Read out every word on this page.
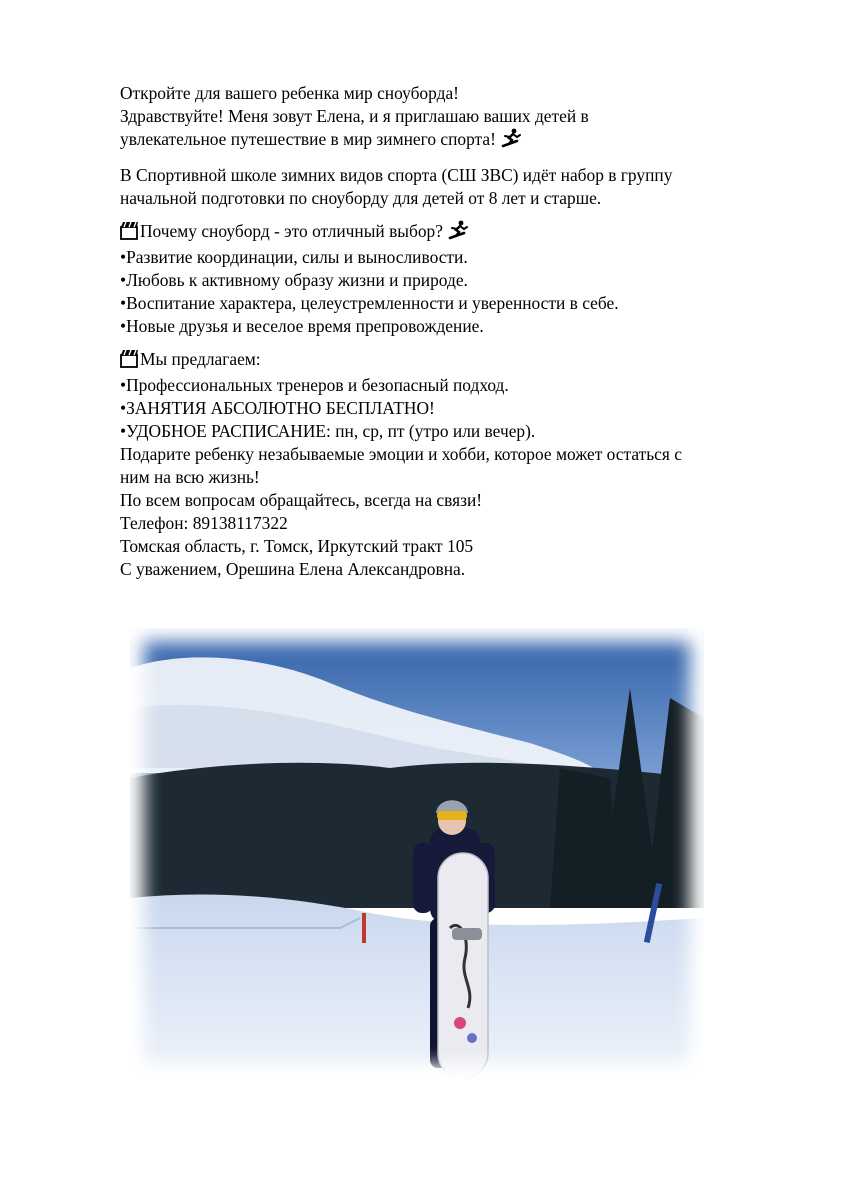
Откройте для вашего ребенка мир сноуборда!
Здравствуйте! Меня зовут Елена, и я приглашаю ваших детей в
увлекательное путешествие в мир зимнего спорта!
В Спортивной школе зимних видов спорта (СШ ЗВС) идёт набор в группу
начальной подготовки по сноуборду для детей от 8 лет и старше.
Почему сноуборд - это отличный выбор?
•Развитие координации, силы и выносливости.
•Любовь к активному образу жизни и природе.
•Воспитание характера, целеустремленности и уверенности в себе.
•Новые друзья и веселое время препровождение.
Мы предлагаем:
•Профессиональных тренеров и безопасный подход.
•ЗАНЯТИЯ АБСОЛЮТНО БЕСПЛАТНО!
•УДОБНОЕ РАСПИСАНИЕ: пн, ср, пт (утро или вечер).
Подарите ребенку незабываемые эмоции и хобби, которое может остаться с
ним на всю жизнь!
По всем вопросам обращайтесь, всегда на связи!
Телефон: 89138117322
Томская область, г. Томск, Иркутский тракт 105
С уважением, Орешина Елена Александровна.
